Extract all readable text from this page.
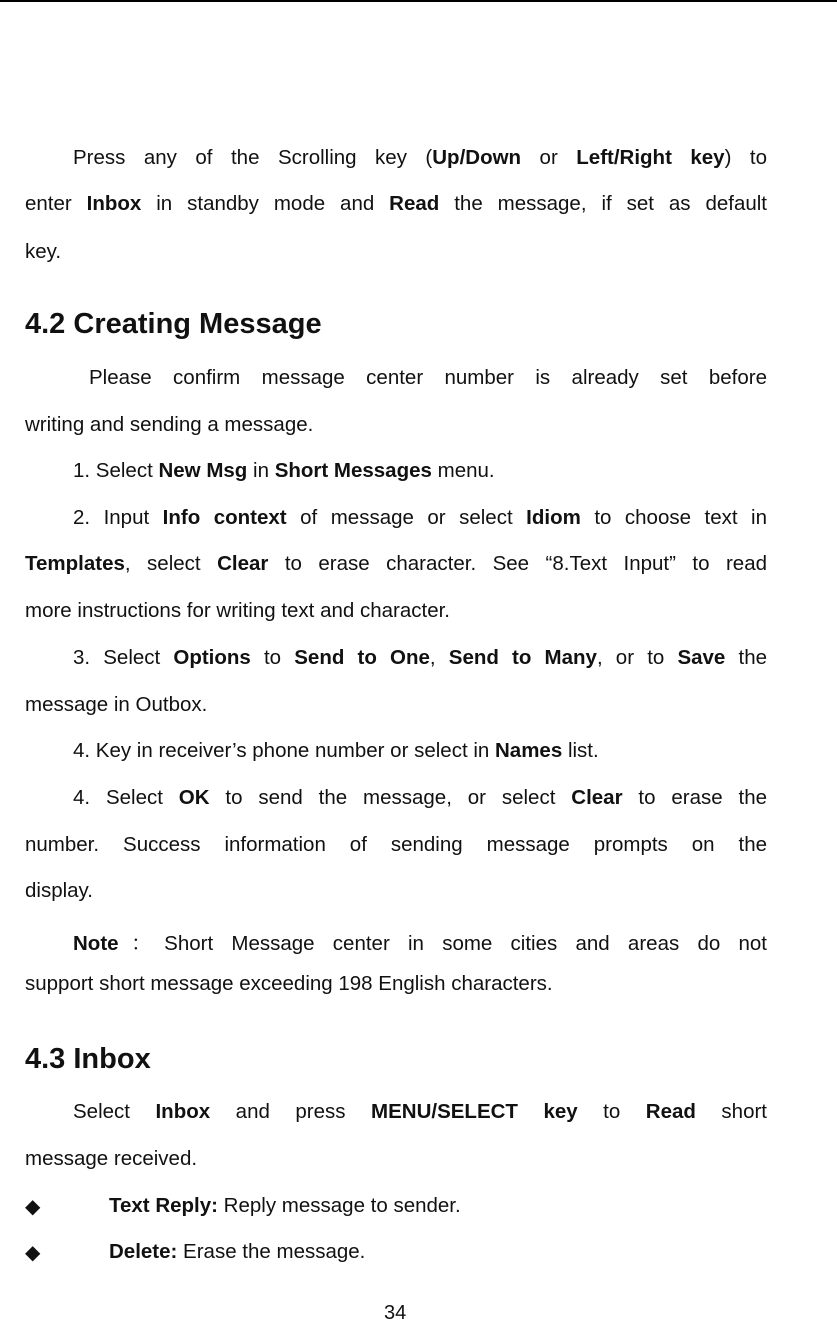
Press any of the Scrolling key (Up/Down or Left/Right key) to
enter Inbox in standby mode and Read the message, if set as default
key.
4.2 Creating Message
Please confirm message center number is already set before
writing and sending a message.
1. Select New Msg in Short Messages menu.
2. Input Info context of message or select Idiom to choose text in
Templates, select Clear to erase character. See “8.Text Input” to read
more instructions for writing text and character.
3. Select Options to Send to One, Send to Many, or to Save the
message in Outbox.
4. Key in receiver’s phone number or select in Names list.
4. Select OK to send the message, or select Clear to erase the
number. Success information of sending message prompts on the
display.
Note：Short Message center in some cities and areas do not
support short message exceeding 198 English characters.
4.3 Inbox
Select Inbox and press MENU/SELECT key to Read short
message received.
◆	Text Reply: Reply message to sender.
◆	Delete: Erase the message.
34
